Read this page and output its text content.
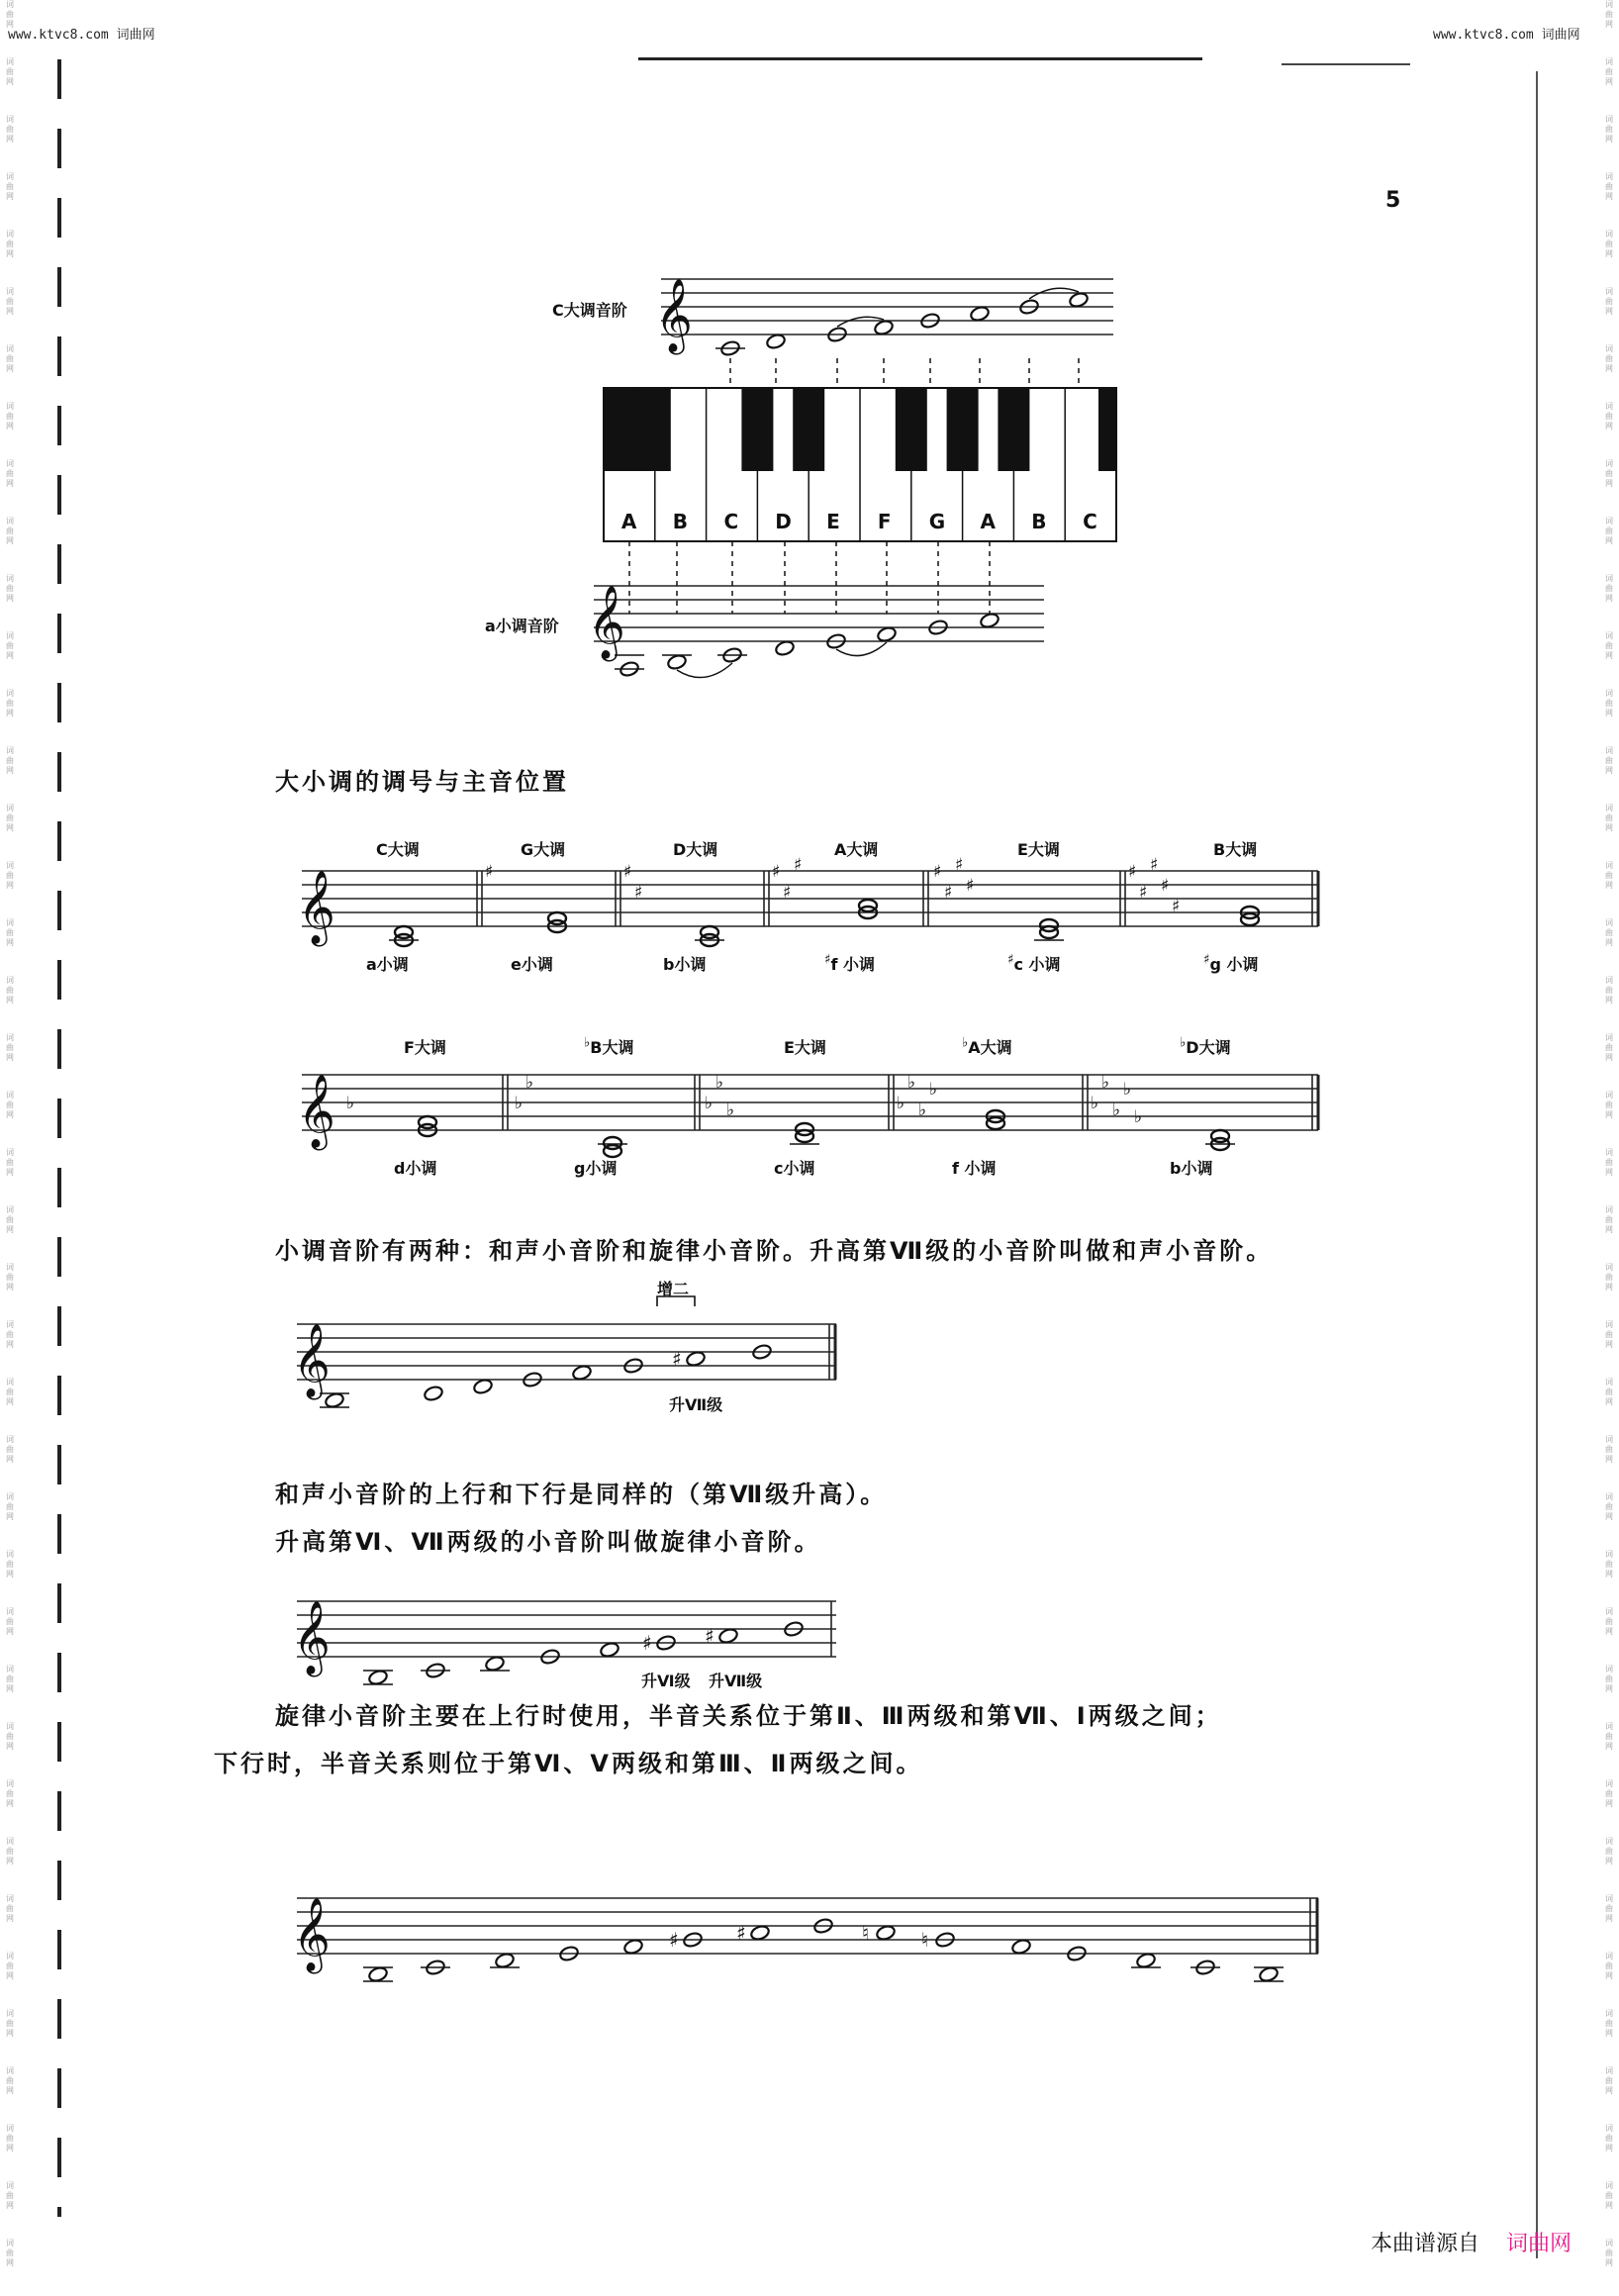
www.ktvc8.com 词曲网	www.ktvc8.com 词曲网
词
曲
网
词
曲
网
词
曲
网
词
曲
网
词
曲
网
词
曲
网
词
曲
网
词
曲
网
词
曲
网
词
曲
网
词
曲
网
词
曲
网
词
曲
网
词
曲
网
词
曲
网
词
曲
网
词
曲
网
词
曲
网
词
曲
网
词
曲
网
词
曲
网
词
曲
网
词
曲
网
词
曲
网
词
曲
网
词
曲
网
词
曲
网
词
曲
网
词
曲
网
词
曲
网
词
曲
网
词
曲
网
词
曲
网
词
曲
网
词
曲
网
词
曲
网
词
曲
网
词
曲
网
词
曲
网
词
曲
网
词
曲
网
词
曲
网
词
曲
网
词
曲
网
词
曲
网
词
曲
网
词
曲
网
词
曲
网
词
曲
网
词
曲
网
词
曲
网
词
曲
网
词
曲
网
词
曲
网
词
曲
网
词
曲
网
词
曲
网
词
曲
网
词
曲
网
词
曲
网
词
曲
网
词
曲
网
词
曲
网
词
曲
网
词
曲
网
词
曲
网
词
曲
网
词
曲
网
词
曲
网
词
曲
网
词
曲
网
词
曲
网
词
曲
网
词
曲
网
词
曲
网
词
曲
网
词
曲
网
词
曲
网
词
曲
网
词
曲
网
5
C大调音阶
a小调音阶
𝄞
𝄞
𝄞	♯	♯
♯
♯
♯
♯	♯
♯
♯
♯
♯
♯
♯
♯
♯
𝄞 ♭	♭
♭
♭
♭
♭	♭
♭
♭
♭
♭
♭
♭
♭
♭
𝄞	♯
𝄞	♯	♯
𝄞	♯	♯	♮	♮
A B C D E F G A B C
大小调的调号与主音位置
C大调	G大调	D大调	A大调	E大调	B大调
a小调	e小调	b小调	♯f 小调	♯c 小调	♯g 小调
F大调	♭B大调	E大调	♭A大调	♭D大调
d小调	g小调	c小调	f 小调	b小调
小调音阶有两种：和声小音阶和旋律小音阶。升高第Ⅶ级的小音阶叫做和声小音阶。
增二
升Ⅶ级
和声小音阶的上行和下行是同样的（第Ⅶ级升高）。
升高第Ⅵ、Ⅶ两级的小音阶叫做旋律小音阶。
升Ⅵ级 升Ⅶ级
旋律小音阶主要在上行时使用，半音关系位于第Ⅱ、Ⅲ两级和第Ⅶ、Ⅰ两级之间；
下行时，半音关系则位于第Ⅵ、Ⅴ两级和第Ⅲ、Ⅱ两级之间。
本曲谱源自 词曲网
